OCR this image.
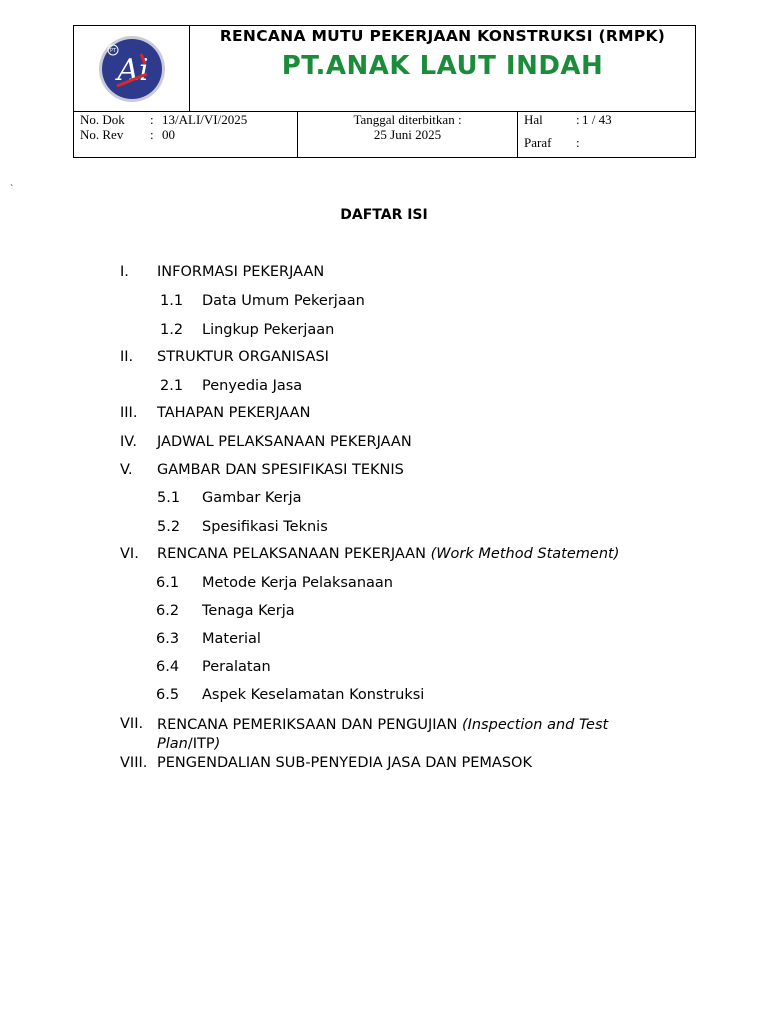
PT
Ai
RENCANA MUTU PEKERJAAN KONSTRUKSI (RMPK)
PT.ANAK LAUT INDAH
No. Dok	: 13/ALI/VI/2025
No. Rev	: 00
Tanggal diterbitkan :
25 Juni 2025
Hal	: 1 / 43
Paraf	:
`
DAFTAR ISI
I. INFORMASI PEKERJAAN
1.1 Data Umum Pekerjaan
1.2 Lingkup Pekerjaan
II. STRUKTUR ORGANISASI
2.1 Penyedia Jasa
III. TAHAPAN PEKERJAAN
IV. JADWAL PELAKSANAAN PEKERJAAN
V. GAMBAR DAN SPESIFIKASI TEKNIS
5.1 Gambar Kerja
5.2 Spesifikasi Teknis
VI. RENCANA PELAKSANAAN PEKERJAAN (Work Method Statement)
6.1 Metode Kerja Pelaksanaan
6.2 Tenaga Kerja
6.3 Material
6.4 Peralatan
6.5 Aspek Keselamatan Konstruksi
VII. RENCANA PEMERIKSAAN DAN PENGUJIAN (Inspection and Test Plan/ITP)
VIII. PENGENDALIAN SUB-PENYEDIA JASA DAN PEMASOK
